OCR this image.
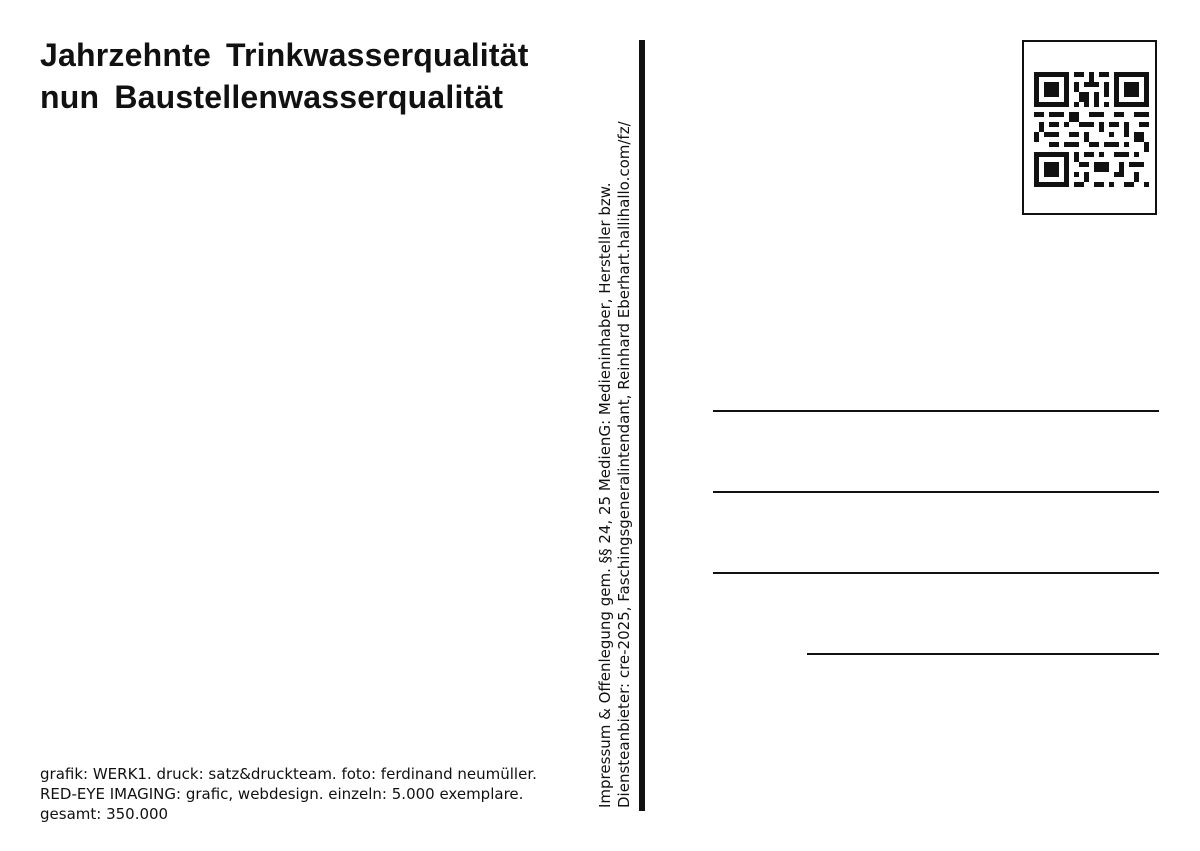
Jahrzehnte Trinkwasserqualität
nun Baustellenwasserqualität
Impressum & Offenlegung gem. §§ 24, 25 MedienG: Medieninhaber, Hersteller bzw. Diensteanbieter: cre-2025, Faschingsgeneralintendant, Reinhard Eberhart.hallihallo.com/fz/
grafik: WERK1. druck: satz&druckteam. foto: ferdinand neumüller.
RED-EYE IMAGING: grafic, webdesign. einzeln: 5.000 exemplare.
gesamt: 350.000
